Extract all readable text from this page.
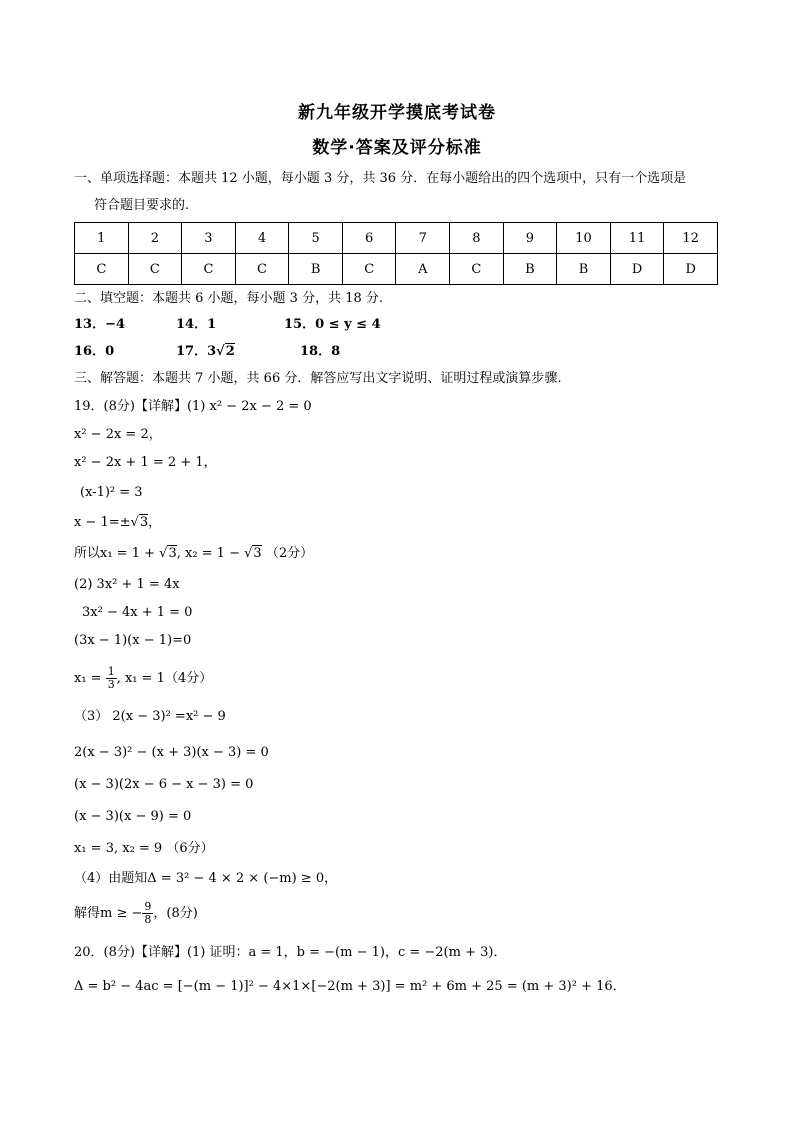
新九年级开学摸底考试卷
数学·答案及评分标准
一、单项选择题：本题共 12 小题，每小题 3 分，共 36 分．在每小题给出的四个选项中，只有一个选项是
符合题目要求的.
1	2	3	4	5	6	7	8	9	10	11	12
C	C	C	C	B	C	A	C	B	B	D	D
二、填空题：本题共 6 小题，每小题 3 分，共 18 分.
13．−4	14．1	15．0 ≤ y ≤ 4
16．0	17．3√2	18．8
三、解答题：本题共 7 小题，共 66 分．解答应写出文字说明、证明过程或演算步骤.
19．(8分)【详解】(1) x² − 2x − 2 = 0
x² − 2x = 2，
x² − 2x + 1 = 2 + 1，
(x-1)² = 3
x − 1=±√3，
所以x₁ = 1 + √3, x₂ = 1 − √3 （2分）
(2) 3x² + 1 = 4x
3x² − 4x + 1 = 0
(3x − 1)(x − 1)=0
$x_1 = \frac{1}{3}$ , x₁ = 1（4分）
（3） 2(x − 3)² =x² − 9
2(x − 3)² − (x + 3)(x − 3) = 0
(x − 3)(2x − 6 − x − 3) = 0
(x − 3)(x − 9) = 0
x₁ = 3, x₂ = 9 （6分）
（4）由题知Δ = 3² − 4 × 2 × (−m) ≥ 0，
解得m ≥ − $\frac{9}{8}$ ，(8分)
20．(8分)【详解】(1) 证明：a = 1，b = −(m − 1)，c = −2(m + 3)．
Δ = b² − 4ac = [−(m − 1)]² − 4×1×[−2(m + 3)] = m² + 6m + 25 = (m + 3)² + 16．
